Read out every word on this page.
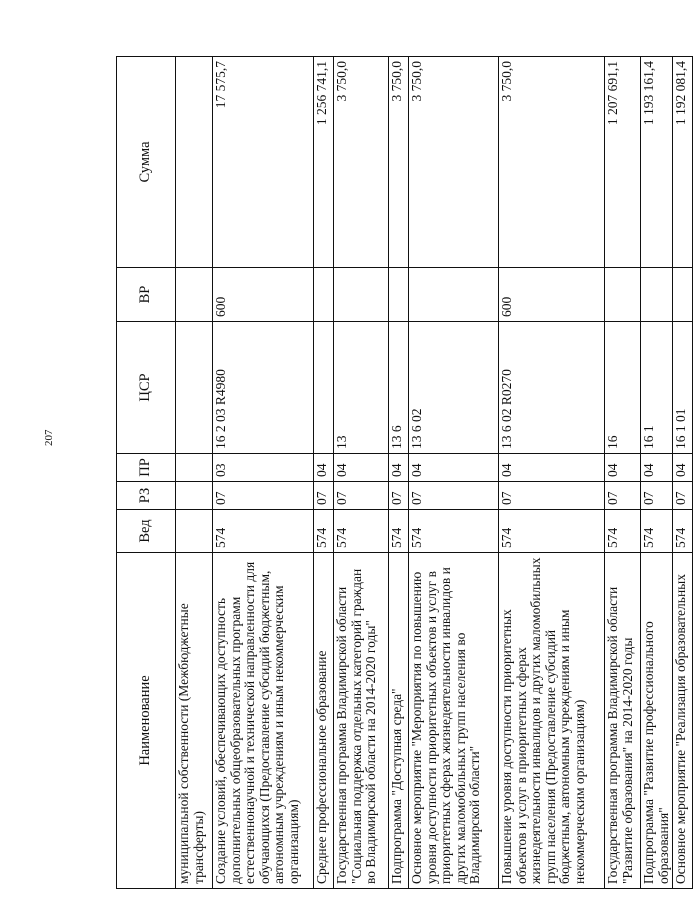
207
Наименование	Вед	РЗ	ПР	ЦСР	ВР	Сумма
муниципальной собственности (Межбюджетные трансферты)						
Создание условий, обеспечивающих доступность дополнительных общеобразовательных программ естественнонаучной и технической направленности для обучающихся (Предоставление субсидий бюджетным, автономным учреждениям и иным некоммерческим организациям)	574	07	03	16 2 03 R4980	600	17 575,7
Среднее профессиональное образование	574	07	04			1 256 741,1
Государственная программа Владимирской области "Социальная поддержка отдельных категорий граждан во Владимирской области на 2014-2020 годы"	574	07	04	13		3 750,0
Подпрограмма "Доступная среда"	574	07	04	13 6		3 750,0
Основное мероприятие "Мероприятия по повышению уровня доступности приоритетных объектов и услуг в приоритетных сферах жизнедеятельности инвалидов и других маломобильных групп населения во Владимирской области"	574	07	04	13 6 02		3 750,0
Повышение уровня доступности приоритетных объектов и услуг в приоритетных сферах жизнедеятельности инвалидов и других маломобильных групп населения (Предоставление субсидий бюджетным, автономным учреждениям и иным некоммерческим организациям)	574	07	04	13 6 02 R0270	600	3 750,0
Государственная программа Владимирской области "Развитие образования" на 2014-2020 годы	574	07	04	16		1 207 691,1
Подпрограмма "Развитие профессионального образования"	574	07	04	16 1		1 193 161,4
Основное мероприятие "Реализация образовательных	574	07	04	16 1 01		1 192 081,4
